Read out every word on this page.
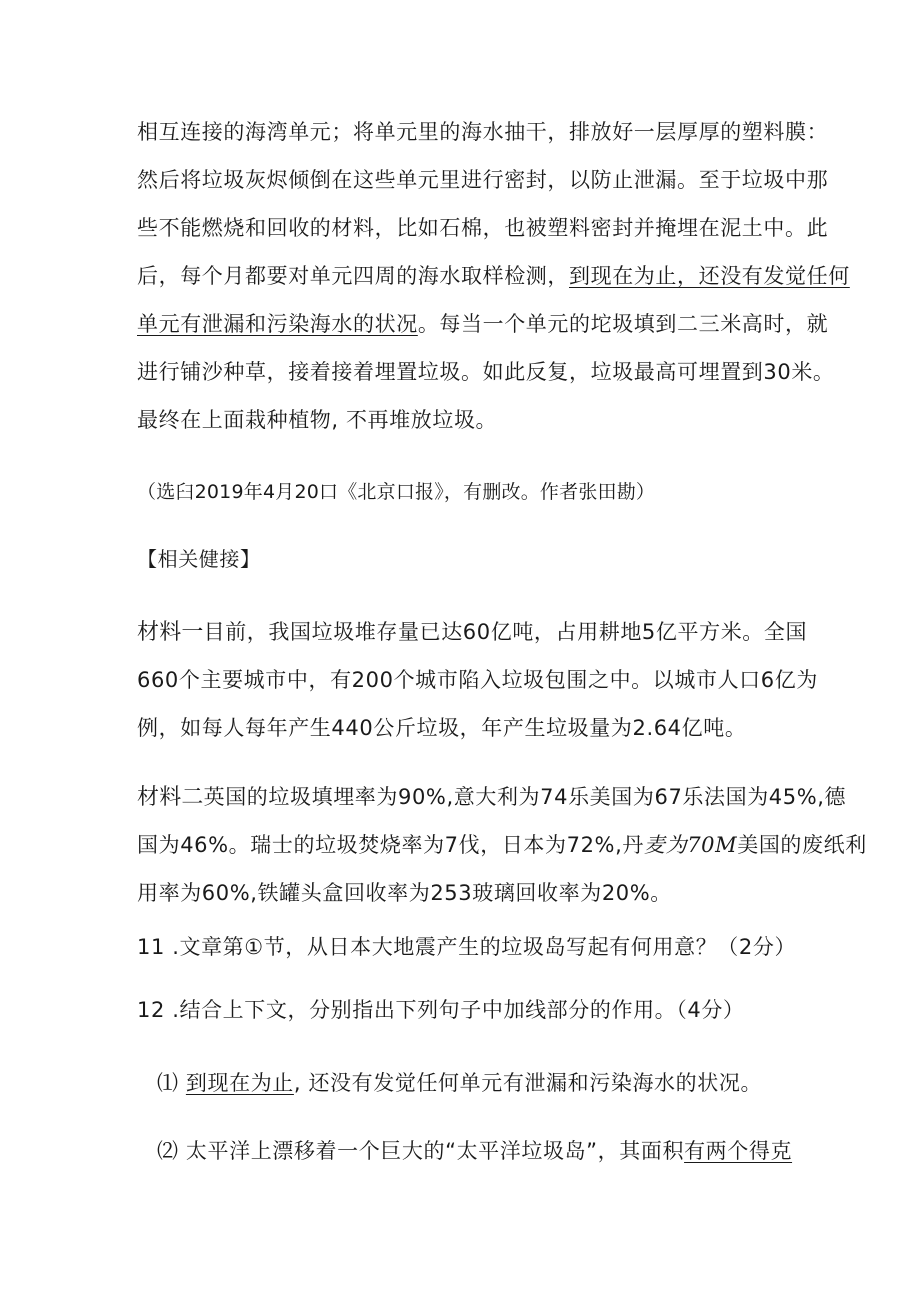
相互连接的海湾单元；将单元里的海水抽干，排放好一层厚厚的塑料膜：
然后将垃圾灰烬倾倒在这些单元里进行密封，以防止泄漏。至于垃圾中那
些不能燃烧和回收的材料，比如石棉，也被塑料密封并掩埋在泥土中。此
后，每个月都要对单元四周的海水取样检测，到现在为止，还没有发觉任何
单元有泄漏和污染海水的状况。每当一个单元的坨圾填到二三米高时，就
进行铺沙种草，接着接着埋置垃圾。如此反复，垃圾最高可埋置到30米。
最终在上面栽种植物, 不再堆放垃圾。
（选臼2019年4月20口《北京口报》，有删改。作者张田勘）
【相关健接】
材料一目前，我国垃圾堆存量已达60亿吨，占用耕地5亿平方米。全国
660个主要城市中，有200个城市陷入垃圾包围之中。以城市人口6亿为
例，如每人每年产生440公斤垃圾，年产生垃圾量为2.64亿吨。
材料二英国的垃圾填埋率为90%,意大利为74乐美国为67乐法国为45%,德
国为46%。瑞士的垃圾焚烧率为7伐，日本为72%,丹麦为70M美国的废纸利
用率为60%,铁罐头盒回收率为253玻璃回收率为20%。
11 .文章第①节，从日本大地震产生的垃圾岛写起有何用意？（2分）
12 .结合上下文，分别指出下列句子中加线部分的作用。（4分）
⑴ 到现在为止, 还没有发觉任何单元有泄漏和污染海水的状况。
⑵ 太平洋上漂移着一个巨大的“太平洋垃圾岛”，其面积有两个得克
